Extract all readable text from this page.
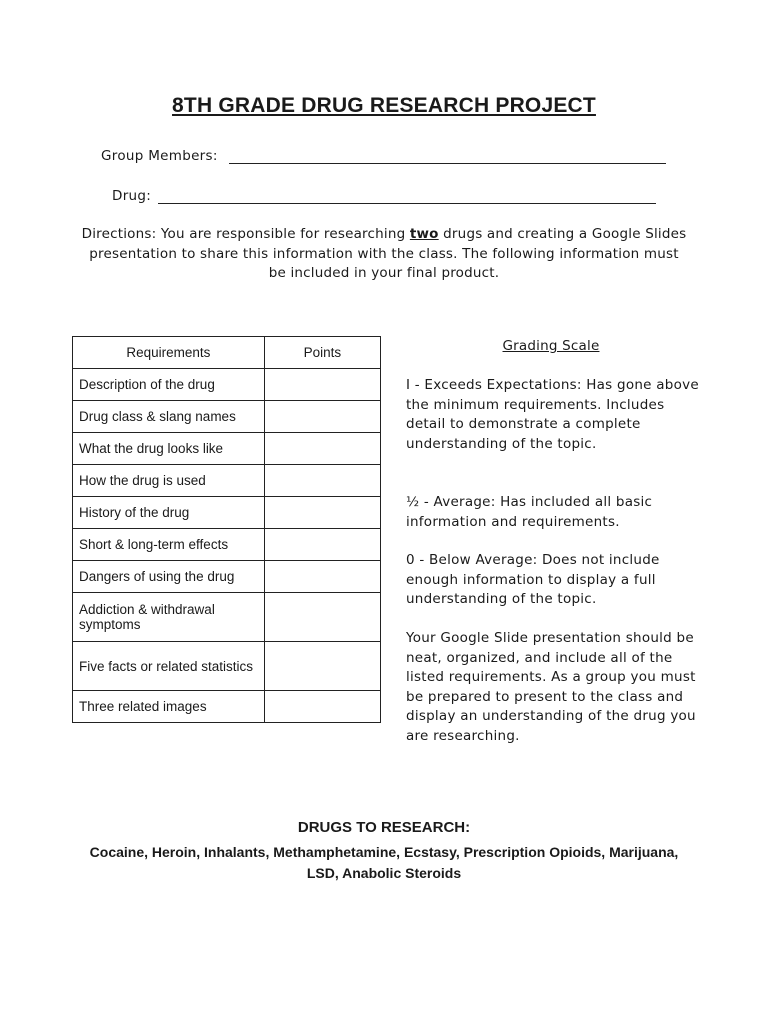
8TH GRADE DRUG RESEARCH PROJECT
Group Members:
Drug:
Directions: You are responsible for researching two drugs and creating a Google Slides presentation to share this information with the class. The following information must be included in your final product.
Requirements	Points
Description of the drug	
Drug class & slang names	
What the drug looks like	
How the drug is used	
History of the drug	
Short & long-term effects	
Dangers of using the drug	
Addiction & withdrawal symptoms	
Five facts or related statistics	
Three related images	
Grading Scale

I - Exceeds Expectations: Has gone above the minimum requirements. Includes detail to demonstrate a complete understanding of the topic.

½ - Average: Has included all basic information and requirements.

0 - Below Average: Does not include enough information to display a full understanding of the topic.

Your Google Slide presentation should be neat, organized, and include all of the listed requirements. As a group you must be prepared to present to the class and display an understanding of the drug you are researching.

DRUGS TO RESEARCH:
Cocaine, Heroin, Inhalants, Methamphetamine, Ecstasy, Prescription Opioids, Marijuana, LSD, Anabolic Steroids
